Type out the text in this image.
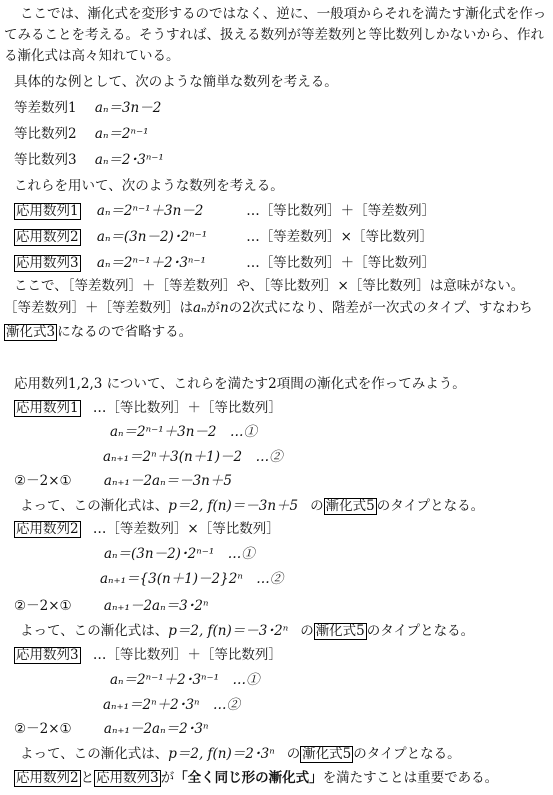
ここでは、漸化式を変形するのではなく、逆に、一般項からそれを満たす漸化式を作っ
てみることを考える。そうすれば、扱える数列が等差数列と等比数列しかないから、作れ
る漸化式は高々知れている。
具体的な例として、次のような簡単な数列を考える。
等差数列1 aₙ＝3n－2
等比数列2 aₙ＝2ⁿ⁻¹
等比数列3 aₙ＝2･3ⁿ⁻¹
これらを用いて、次のような数列を考える。
応用数列1 aₙ＝2ⁿ⁻¹＋3n－2	…［等比数列］＋［等差数列］
応用数列2 aₙ＝(3n－2)･2ⁿ⁻¹	…［等差数列］×［等比数列］
応用数列3 aₙ＝2ⁿ⁻¹＋2･3ⁿ⁻¹	…［等比数列］＋［等比数列］
ここで、［等差数列］＋［等差数列］や、［等比数列］×［等比数列］は意味がない。
［等差数列］＋［等差数列］はaₙがnの2次式になり、階差が一次式のタイプ、すなわち
漸化式3 になるので省略する。
応用数列1,2,3 について、これらを満たす2項間の漸化式を作ってみよう。
応用数列1 …［等比数列］＋［等比数列］
aₙ＝2ⁿ⁻¹＋3n－2　…①
aₙ₊₁＝2ⁿ＋3(n＋1)－2　…②
②－2×① aₙ₊₁－2aₙ＝－3n＋5
よって、この漸化式は、p＝2, f(n)＝－3n＋5 の 漸化式5 のタイプとなる。
応用数列2 …［等差数列］×［等比数列］
aₙ＝(3n－2)･2ⁿ⁻¹　…①
aₙ₊₁＝{3(n＋1)－2}2ⁿ　…②
②－2×① aₙ₊₁－2aₙ＝3･2ⁿ
よって、この漸化式は、p＝2, f(n)＝－3･2ⁿ の 漸化式5 のタイプとなる。
応用数列3 …［等比数列］＋［等比数列］
aₙ＝2ⁿ⁻¹＋2･3ⁿ⁻¹　…①
aₙ₊₁＝2ⁿ＋2･3ⁿ　…②
②－2×① aₙ₊₁－2aₙ＝2･3ⁿ
よって、この漸化式は、p＝2, f(n)＝2･3ⁿ の 漸化式5 のタイプとなる。
応用数列2 と 応用数列3 が「全く同じ形の漸化式」を満たすことは重要である。
